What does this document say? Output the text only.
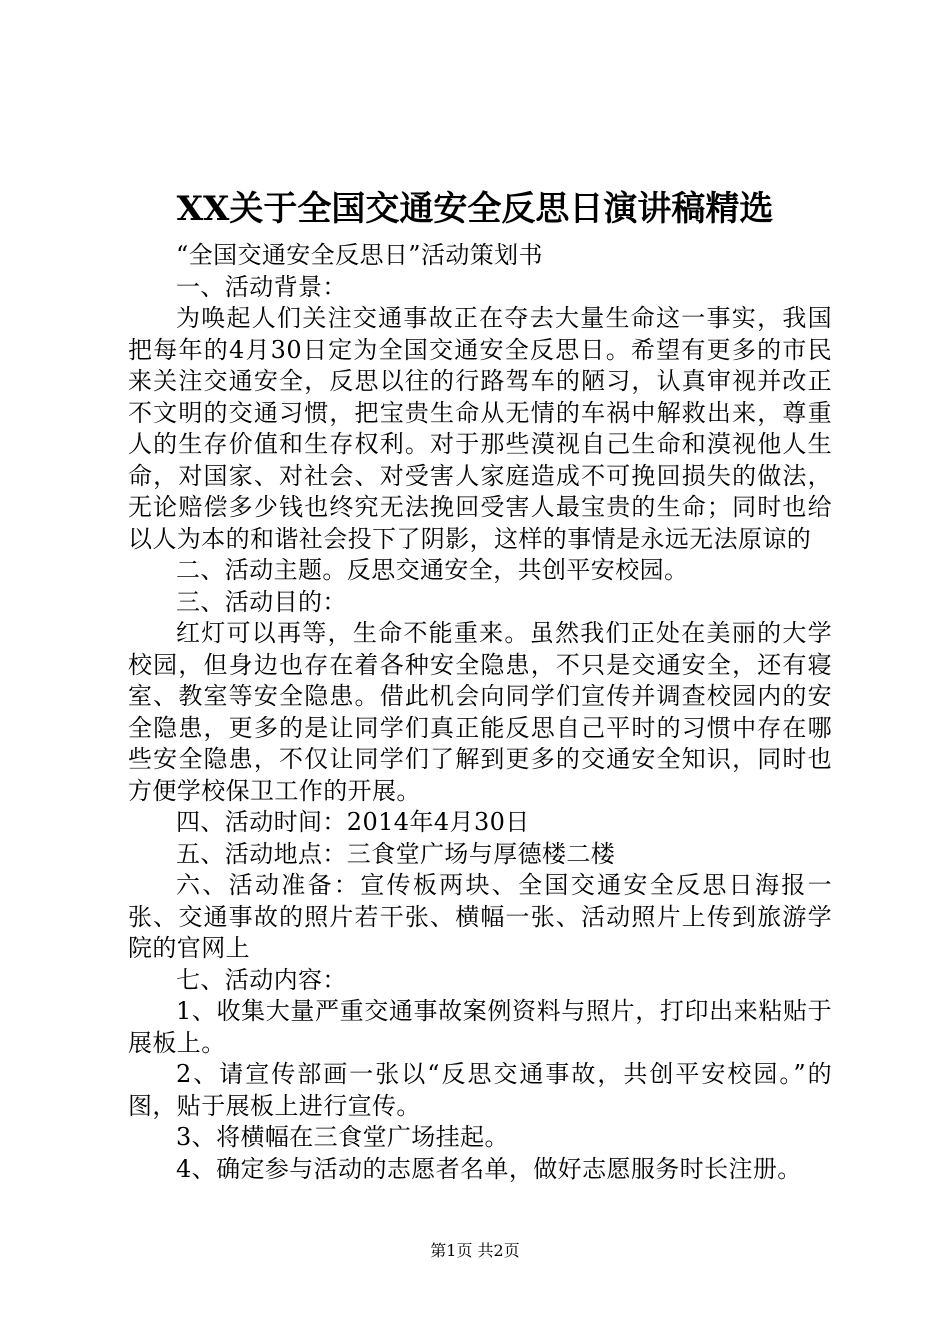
XX关于全国交通安全反思日演讲稿精选

“全国交通安全反思日”活动策划书

一、活动背景：

为唤起人们关注交通事故正在夺去大量生命这一事实，我国把每年的4月30日定为全国交通安全反思日。希望有更多的市民来关注交通安全，反思以往的行路驾车的陋习，认真审视并改正不文明的交通习惯，把宝贵生命从无情的车祸中解救出来，尊重人的生存价值和生存权利。对于那些漠视自己生命和漠视他人生命，对国家、对社会、对受害人家庭造成不可挽回损失的做法，无论赔偿多少钱也终究无法挽回受害人最宝贵的生命；同时也给以人为本的和谐社会投下了阴影，这样的事情是永远无法原谅的

二、活动主题。反思交通安全，共创平安校园。

三、活动目的：

红灯可以再等，生命不能重来。虽然我们正处在美丽的大学校园，但身边也存在着各种安全隐患，不只是交通安全，还有寝室、教室等安全隐患。借此机会向同学们宣传并调查校园内的安全隐患，更多的是让同学们真正能反思自己平时的习惯中存在哪些安全隐患，不仅让同学们了解到更多的交通安全知识，同时也方便学校保卫工作的开展。

四、活动时间：2014年4月30日

五、活动地点：三食堂广场与厚德楼二楼

六、活动准备：宣传板两块、全国交通安全反思日海报一张、交通事故的照片若干张、横幅一张、活动照片上传到旅游学院的官网上

七、活动内容：

1、收集大量严重交通事故案例资料与照片，打印出来粘贴于展板上。

2、请宣传部画一张以“反思交通事故，共创平安校园。”的图，贴于展板上进行宣传。

3、将横幅在三食堂广场挂起。

4、确定参与活动的志愿者名单，做好志愿服务时长注册。

第1页 共2页
